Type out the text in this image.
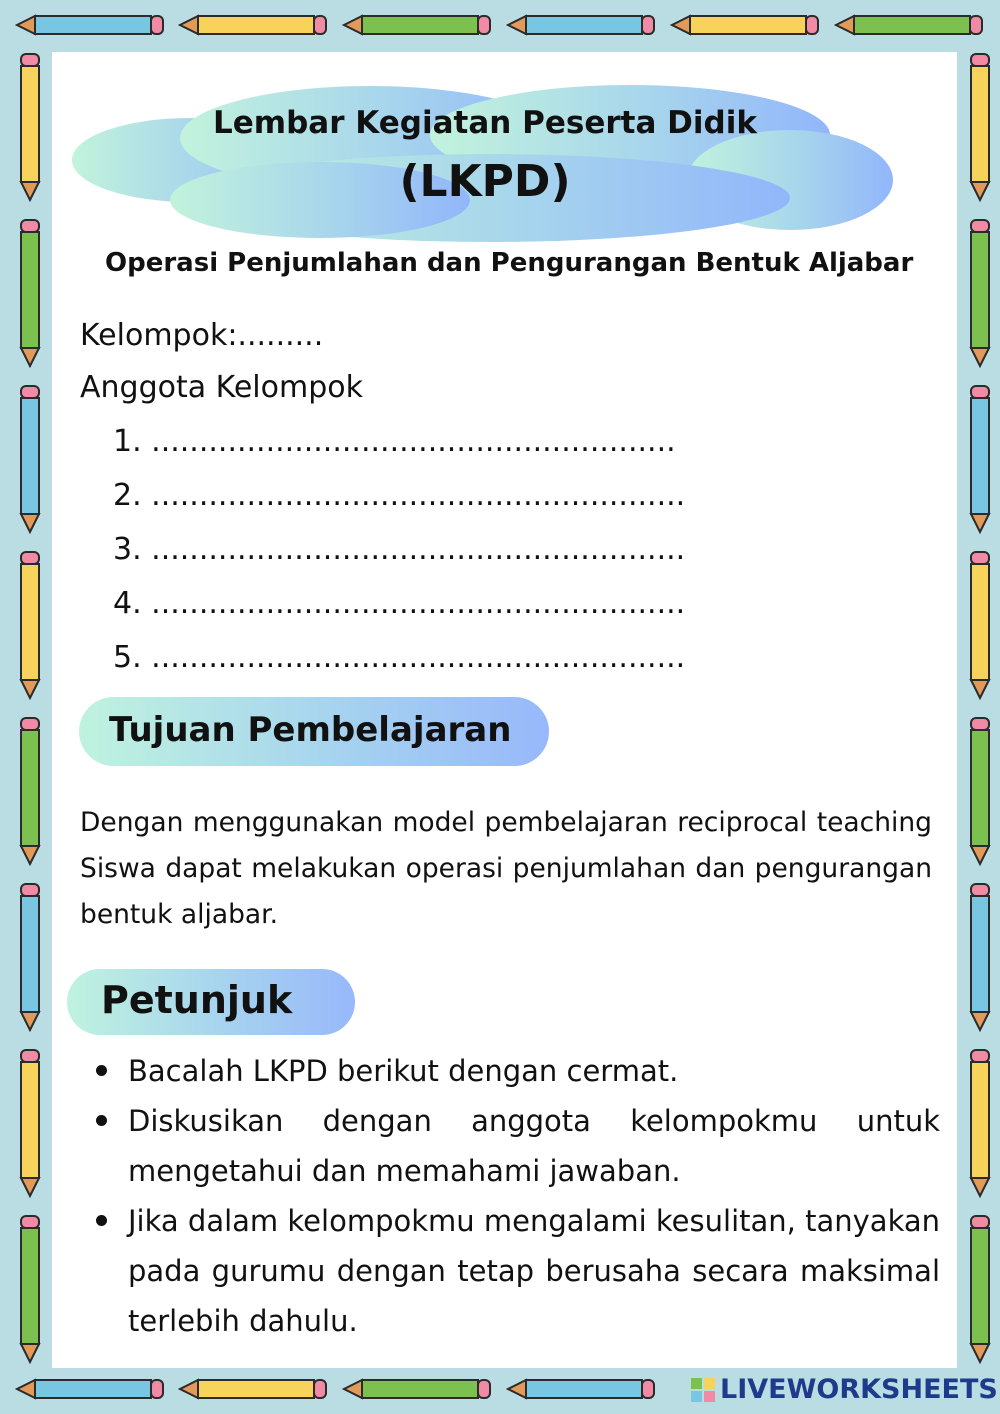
Lembar Kegiatan Peserta Didik
(LKPD)
Operasi Penjumlahan dan Pengurangan Bentuk Aljabar
Kelompok:.........
Anggota Kelompok
1. .......................................................
2. ........................................................
3. ........................................................
4. ........................................................
5. ........................................................
Tujuan Pembelajaran

Dengan menggunakan model pembelajaran reciprocal teaching Siswa dapat melakukan operasi penjumlahan dan pengurangan bentuk aljabar.

Petunjuk
Bacalah LKPD berikut dengan cermat.
Diskusikan dengan anggota kelompokmu untuk mengetahui dan memahami jawaban.
Jika dalam kelompokmu mengalami kesulitan, tanyakan pada gurumu dengan tetap berusaha secara maksimal terlebih dahulu.
LIVEWORKSHEETS
